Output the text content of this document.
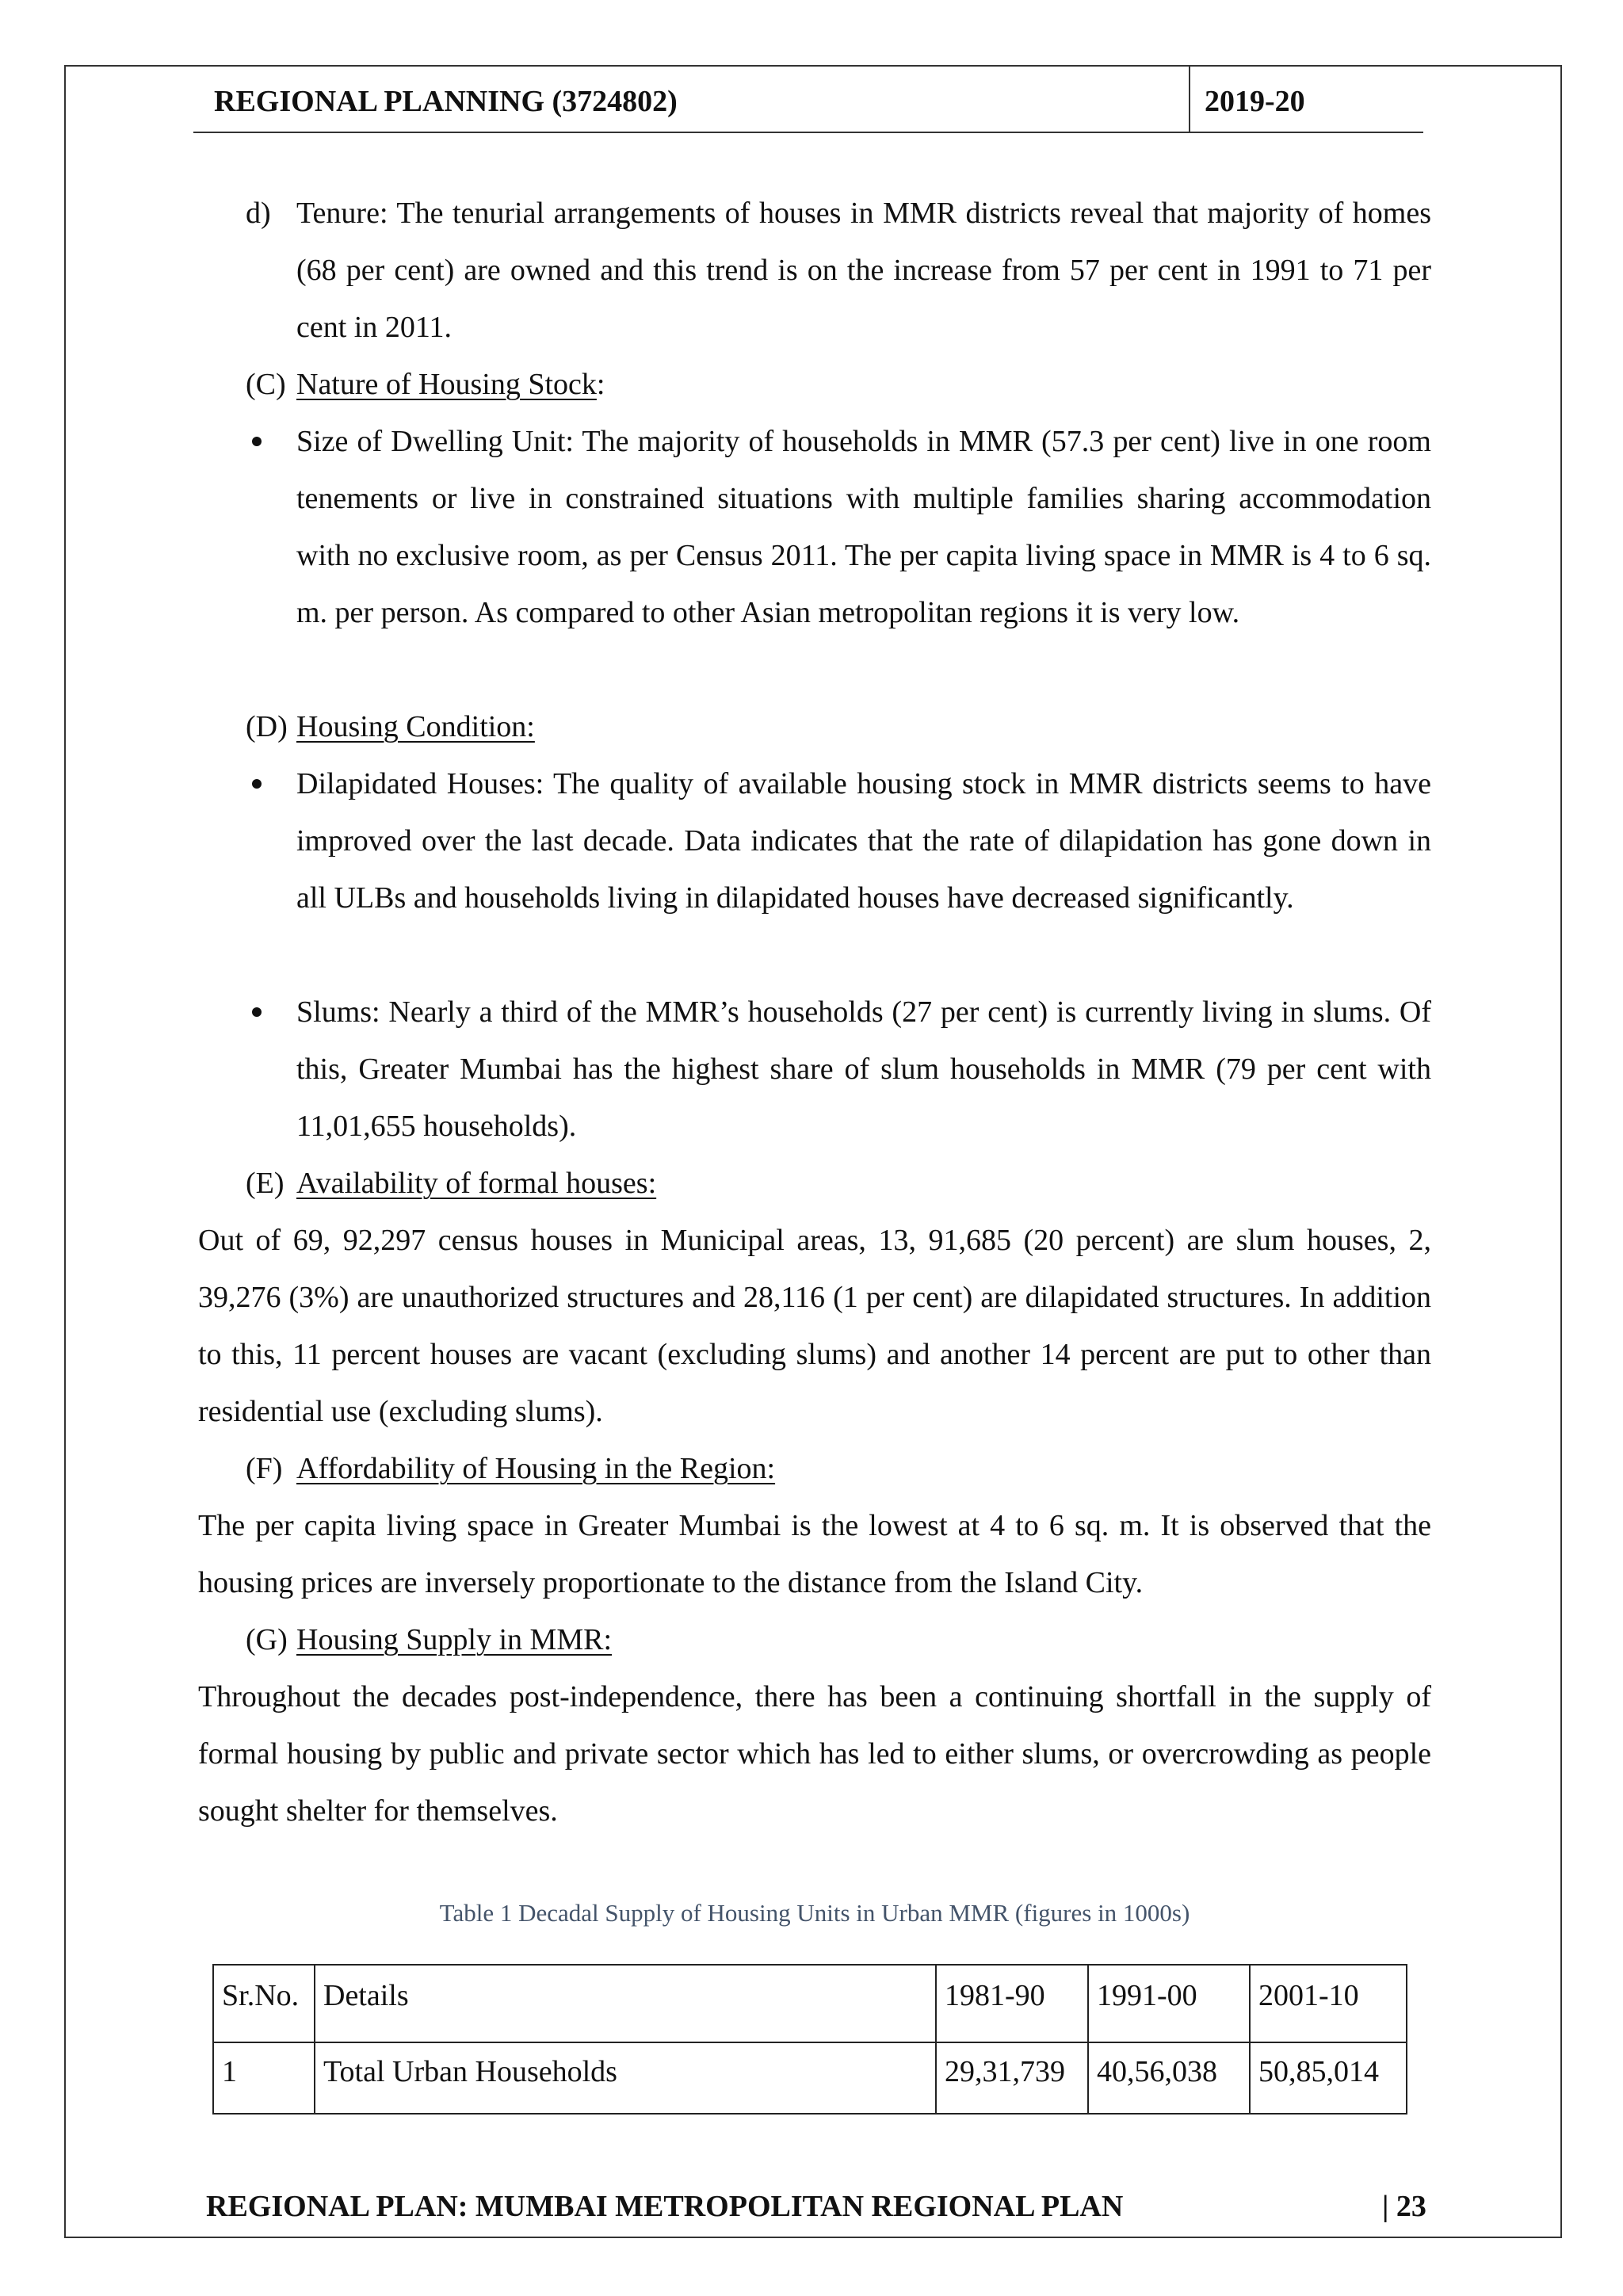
REGIONAL PLANNING (3724802)	2019-20
d) Tenure: The tenurial arrangements of houses in MMR districts reveal that majority of homes (68 per cent) are owned and this trend is on the increase from 57 per cent in 1991 to 71 per cent in 2011.
(C) Nature of Housing Stock:
Size of Dwelling Unit: The majority of households in MMR (57.3 per cent) live in one room tenements or live in constrained situations with multiple families sharing accommodation with no exclusive room, as per Census 2011. The per capita living space in MMR is 4 to 6 sq. m. per person. As compared to other Asian metropolitan regions it is very low.
(D) Housing Condition:
Dilapidated Houses: The quality of available housing stock in MMR districts seems to have improved over the last decade. Data indicates that the rate of dilapidation has gone down in all ULBs and households living in dilapidated houses have decreased significantly.
Slums: Nearly a third of the MMR’s households (27 per cent) is currently living in slums. Of this, Greater Mumbai has the highest share of slum households in MMR (79 per cent with 11,01,655 households).
(E) Availability of formal houses:
Out of 69, 92,297 census houses in Municipal areas, 13, 91,685 (20 percent) are slum houses, 2, 39,276 (3%) are unauthorized structures and 28,116 (1 per cent) are dilapidated structures. In addition to this, 11 percent houses are vacant (excluding slums) and another 14 percent are put to other than residential use (excluding slums).
(F) Affordability of Housing in the Region:
The per capita living space in Greater Mumbai is the lowest at 4 to 6 sq. m. It is observed that the housing prices are inversely proportionate to the distance from the Island City.
(G) Housing Supply in MMR:
Throughout the decades post-independence, there has been a continuing shortfall in the supply of formal housing by public and private sector which has led to either slums, or overcrowding as people sought shelter for themselves.
Table 1 Decadal Supply of Housing Units in Urban MMR (figures in 1000s)
Sr.No.	Details	1981-90	1991-00	2001-10
1	Total Urban Households	29,31,739	40,56,038	50,85,014
REGIONAL PLAN: MUMBAI METROPOLITAN REGIONAL PLAN	| 23
